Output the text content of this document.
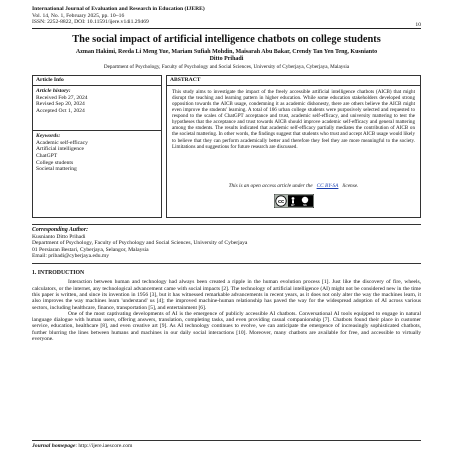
International Journal of Evaluation and Research in Education (IJERE)
Vol. 14, No. 1, February 2025, pp. 10~16
ISSN: 2252-8822, DOI: 10.11591/ijere.v14i1.29469	10
The social impact of artificial intelligence chatbots on college students
Azman Hakimi, Reeda Li Meng Yue, Mariam Sufiah Mohdin, Maisarah Abu Bakar, Crendy Tan Yen Teng, Kusnianto Ditto Prihadi
Department of Psychology, Faculty of Psychology and Social Sciences, University of Cyberjaya, Cyberjaya, Malaysia
Article Info
Article history:

Received Feb 27, 2024

Revised Sep 20, 2024

Accepted Oct 1, 2024

Keywords:

Academic self-efficacy

Artificial intelligence

ChatGPT

College students

Societal mattering

ABSTRACT

This study aims to investigate the impact of the freely accessible artificial intelligence chatbots (AICB) that might disrupt the teaching and learning pattern in higher education. While some education stakeholders developed strong opposition towards the AICB usage, condemning it as academic dishonesty, there are others believe the AICB might even improve the students' learning. A total of 166 urban college students were purposively selected and requested to respond to the scales of ChatGPT acceptance and trust, academic self-efficacy, and university mattering to test the hypotheses that the acceptance and trust towards AICB should improve academic self-efficacy and general mattering among the students. The results indicated that academic self-efficacy partially mediates the contribution of AICB on the societal mattering. In other words, the findings suggest that students who trust and accept AICB usage would likely to believe that they can perform academically better and therefore they feel they are more meaningful to the society. Limitations and suggestions for future research are discussed.

This is an open access article under the CC BY-SA license.

cc
BY	SA
Corresponding Author:

Kusnianto Ditto Prihadi

Department of Psychology, Faculty of Psychology and Social Sciences, University of Cyberjaya

01 Persiaran Bestari, Cyberjaya, Selangor, Malaysia

Email: pribadi@cyberjaya.edu.my

1. INTRODUCTION

Interaction between human and technology had always been created a ripple in the human evolution process [1]. Just like the discovery of fire, wheels, calculators, or the internet, any technological advancement came with social impacts [2]. The technology of artificial intelligence (AI) might not be considered new in the time this paper is written, and since its invention in 1956 [3], but it has witnessed remarkable advancements in recent years, as it does not only alter the way the machines learn, it also improves the way machines learn 'understand' us [4]; the improved machine-human relationship has paved the way for the widespread adoption of AI across various sectors, including healthcare, finance, transportation [5], and entertainment [6].

One of the most captivating developments of AI is the emergence of publicly accessible AI chatbots. Conversational AI tools equipped to engage in natural language dialogue with human users, offering answers, translation, completing tasks, and even providing casual companionship [7]. Chatbots found their place in customer service, education, healthcare [8], and even creative art [9]. As AI technology continues to evolve, we can anticipate the emergence of increasingly sophisticated chatbots, further blurring the lines between humans and machines in our daily social interactions [10]. Moreover, many chatbots are available for free, and accessible to virtually everyone.

Journal homepage: http://ijere.iaescore.com
